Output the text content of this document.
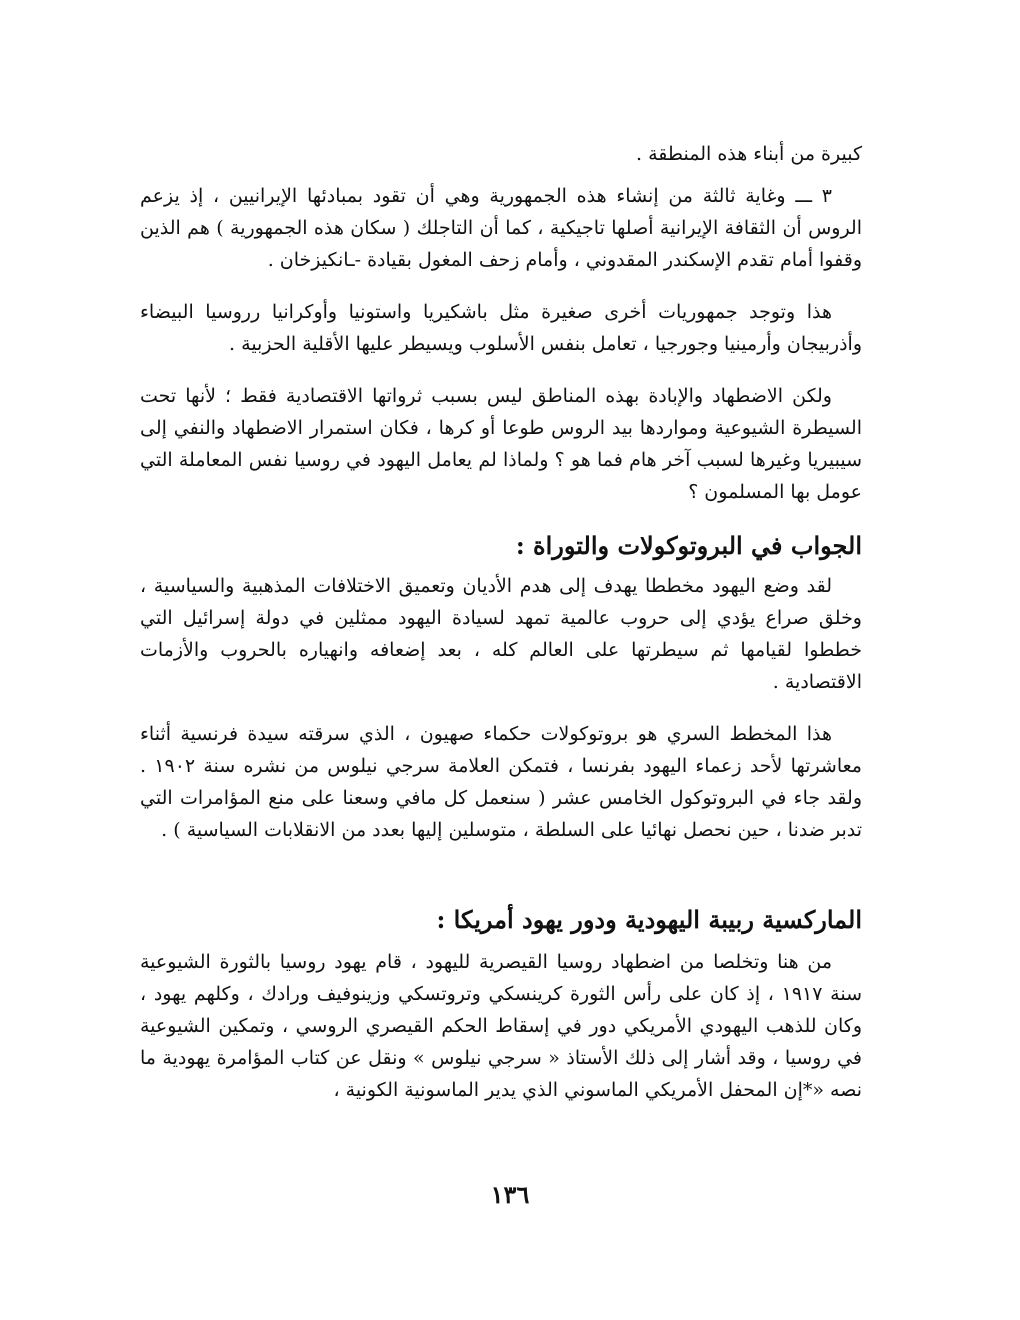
كبيرة من أبناء هذه المنطقة .

٣ ـــ وغاية ثالثة من إنشاء هذه الجمهورية وهي أن تقود بمبادئها الإيرانيين ، إذ يزعم الروس أن الثقافة الإيرانية أصلها تاجيكية ، كما أن التاجلك ( سكان هذه الجمهورية ) هم الذين وقفوا أمام تقدم الإسكندر المقدوني ، وأمام زحف المغول بقيادة -ـانكيزخان .

هذا وتوجد جمهوريات أخرى صغيرة مثل باشكيريا واستونيا وأوكرانيا رروسيا البيضاء وأذربيجان وأرمينيا وجورجيا ، تعامل بنفس الأسلوب ويسيطر عليها الأقلية الحزبية .

ولكن الاضطهاد والإبادة بهذه المناطق ليس بسبب ثرواتها الاقتصادية فقط ؛ لأنها تحت السيطرة الشيوعية ومواردها بيد الروس طوعا أو كرها ، فكان استمرار الاضطهاد والنفي إلى سيبيريا وغيرها لسبب آخر هام فما هو ؟ ولماذا لم يعامل اليهود في روسيا نفس المعاملة التي عومل بها المسلمون ؟

الجواب في البروتوكولات والتوراة :

لقد وضع اليهود مخططا يهدف إلى هدم الأديان وتعميق الاختلافات المذهبية والسياسية ، وخلق صراع يؤدي إلى حروب عالمية تمهد لسيادة اليهود ممثلين في دولة إسرائيل التي خططوا لقيامها ثم سيطرتها على العالم كله ، بعد إضعافه وانهياره بالحروب والأزمات الاقتصادية .

هذا المخطط السري هو بروتوكولات حكماء صهيون ، الذي سرقته سيدة فرنسية أثناء معاشرتها لأحد زعماء اليهود بفرنسا ، فتمكن العلامة سرجي نيلوس من نشره سنة ١٩٠٢ . ولقد جاء في البروتوكول الخامس عشر ( سنعمل كل مافي وسعنا على منع المؤامرات التي تدبر ضدنا ، حين نحصل نهائيا على السلطة ، متوسلين إليها بعدد من الانقلابات السياسية ) .

الماركسية ربيبة اليهودية ودور يهود أمريكا :

من هنا وتخلصا من اضطهاد روسيا القيصرية لليهود ، قام يهود روسيا بالثورة الشيوعية سنة ١٩١٧ ، إذ كان على رأس الثورة كرينسكي وتروتسكي وزينوفيف ورادك ، وكلهم يهود ، وكان للذهب اليهودي الأمريكي دور في إسقاط الحكم القيصري الروسي ، وتمكين الشيوعية في روسيا ، وقد أشار إلى ذلك الأستاذ « سرجي نيلوس » ونقل عن كتاب المؤامرة يهودية ما نصه «*إن المحفل الأمريكي الماسوني الذي يدير الماسونية الكونية ،

١٣٦
